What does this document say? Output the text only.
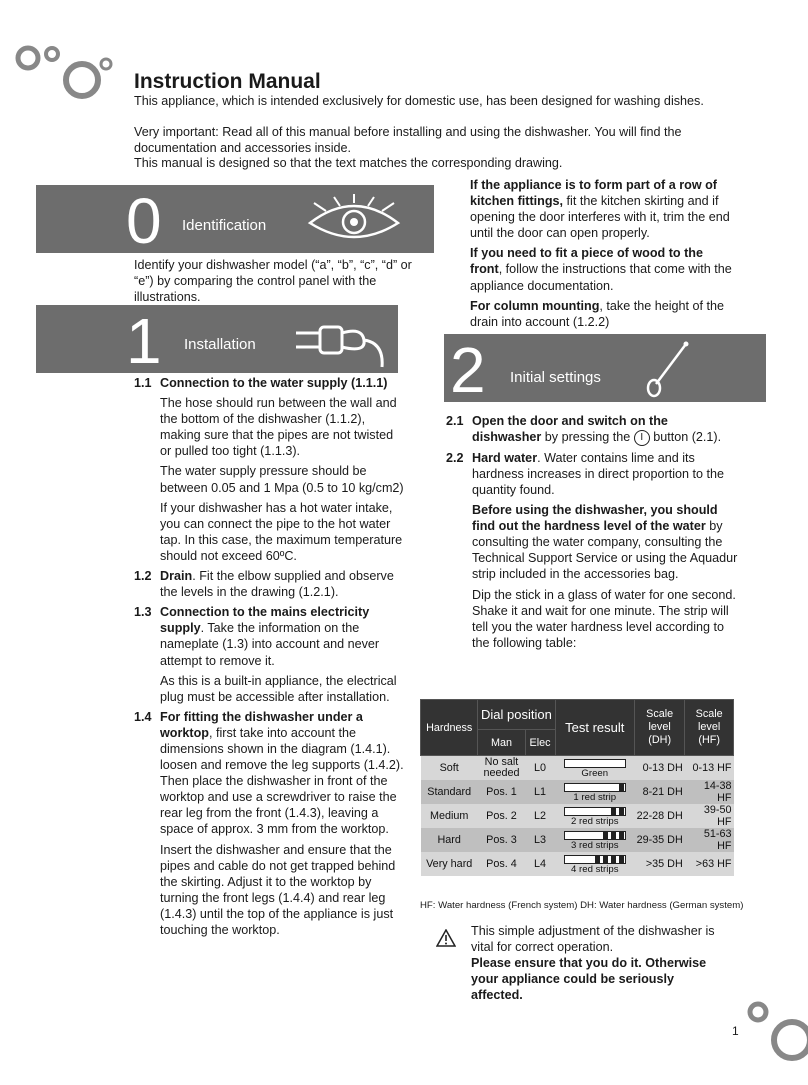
Instruction Manual

This appliance, which is intended exclusively for domestic use, has been designed for washing dishes.

Very important: Read all of this manual before installing and using the dishwasher. You will find the documentation and accessories inside.

This manual is designed so that the text matches the corresponding drawing.

0 Identification

Identify your dishwasher model (“a”, “b”, “c”, “d” or “e”) by comparing the control panel with the illustrations.

1 Installation

1.1 Connection to the water supply (1.1.1)

The hose should run between the wall and the bottom of the dishwasher (1.1.2), making sure that the pipes are not twisted or pulled too tight (1.1.3).

The water supply pressure should be between 0.05 and 1 Mpa (0.5 to 10 kg/cm2)

If your dishwasher has a hot water intake, you can connect the pipe to the hot water tap. In this case, the maximum temperature should not exceed 60ºC.

1.2 Drain. Fit the elbow supplied and observe the levels in the drawing (1.2.1).

1.3 Connection to the mains electricity supply. Take the information on the nameplate (1.3) into account and never attempt to remove it.

As this is a built-in appliance, the electrical plug must be accessible after installation.

1.4 For fitting the dishwasher under a worktop, first take into account the dimensions shown in the diagram (1.4.1). loosen and remove the leg supports (1.4.2). Then place the dishwasher in front of the worktop and use a screwdriver to raise the rear leg from the front (1.4.3), leaving a space of approx. 3 mm from the worktop.

Insert the dishwasher and ensure that the pipes and cable do not get trapped behind the skirting. Adjust it to the worktop by turning the front legs (1.4.4) and rear leg (1.4.3) until the top of the appliance is just touching the worktop.

If the appliance is to form part of a row of kitchen fittings, fit the kitchen skirting and if opening the door interferes with it, trim the end until the door can open properly.

If you need to fit a piece of wood to the front, follow the instructions that come with the appliance documentation.

For column mounting, take the height of the drain into account (1.2.2)

2 Initial settings

2.1 Open the door and switch on the dishwasher by pressing the I button (2.1).

2.2 Hard water. Water contains lime and its hardness increases in direct proportion to the quantity found.

Before using the dishwasher, you should find out the hardness level of the water by consulting the water company, consulting the Technical Support Service or using the Aquadur strip included in the accessories bag.

Dip the stick in a glass of water for one second. Shake it and wait for one minute. The strip will tell you the water hardness level according to the following table:

Hardness	Dial position		Test result	Scale level (DH)	Scale level (HF)
	Man	Elec			
Soft	No salt needed	L0	Green	0-13 DH	0-13 HF
Standard	Pos. 1	L1	1 red strip	8-21 DH	14-38 HF
Medium	Pos. 2	L2	2 red strips	22-28 DH	39-50 HF
Hard	Pos. 3	L3	3 red strips	29-35 DH	51-63 HF
Very hard	Pos. 4	L4	4 red strips	>35 DH	>63 HF

HF: Water hardness (French system) DH: Water hardness (German system)

This simple adjustment of the dishwasher is vital for correct operation.

Please ensure that you do it. Otherwise your appliance could be seriously affected.

1
